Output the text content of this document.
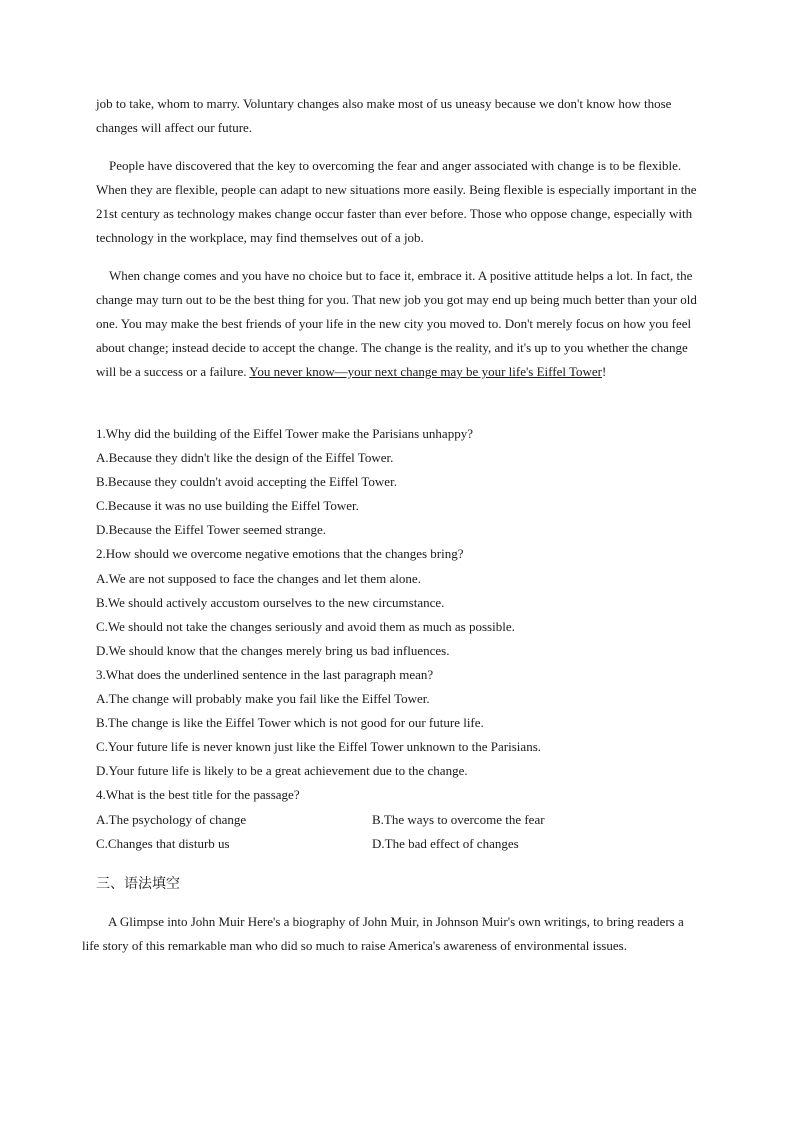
job to take, whom to marry. Voluntary changes also make most of us uneasy because we don't know how those changes will affect our future.

People have discovered that the key to overcoming the fear and anger associated with change is to be flexible. When they are flexible, people can adapt to new situations more easily. Being flexible is especially important in the 21st century as technology makes change occur faster than ever before. Those who oppose change, especially with technology in the workplace, may find themselves out of a job.

When change comes and you have no choice but to face it, embrace it. A positive attitude helps a lot. In fact, the change may turn out to be the best thing for you. That new job you got may end up being much better than your old one. You may make the best friends of your life in the new city you moved to. Don't merely focus on how you feel about change; instead decide to accept the change. The change is the reality, and it's up to you whether the change will be a success or a failure. You never know—your next change may be your life's Eiffel Tower!

1.Why did the building of the Eiffel Tower make the Parisians unhappy?

A.Because they didn't like the design of the Eiffel Tower.

B.Because they couldn't avoid accepting the Eiffel Tower.

C.Because it was no use building the Eiffel Tower.

D.Because the Eiffel Tower seemed strange.

2.How should we overcome negative emotions that the changes bring?

A.We are not supposed to face the changes and let them alone.

B.We should actively accustom ourselves to the new circumstance.

C.We should not take the changes seriously and avoid them as much as possible.

D.We should know that the changes merely bring us bad influences.

3.What does the underlined sentence in the last paragraph mean?

A.The change will probably make you fail like the Eiffel Tower.

B.The change is like the Eiffel Tower which is not good for our future life.

C.Your future life is never known just like the Eiffel Tower unknown to the Parisians.

D.Your future life is likely to be a great achievement due to the change.

4.What is the best title for the passage?

A.The psychology of change	B.The ways to overcome the fear
C.Changes that disturb us	D.The bad effect of changes
三、语法填空

A Glimpse into John Muir Here's a biography of John Muir, in Johnson Muir's own writings, to bring readers a life story of this remarkable man who did so much to raise America's awareness of environmental issues.
